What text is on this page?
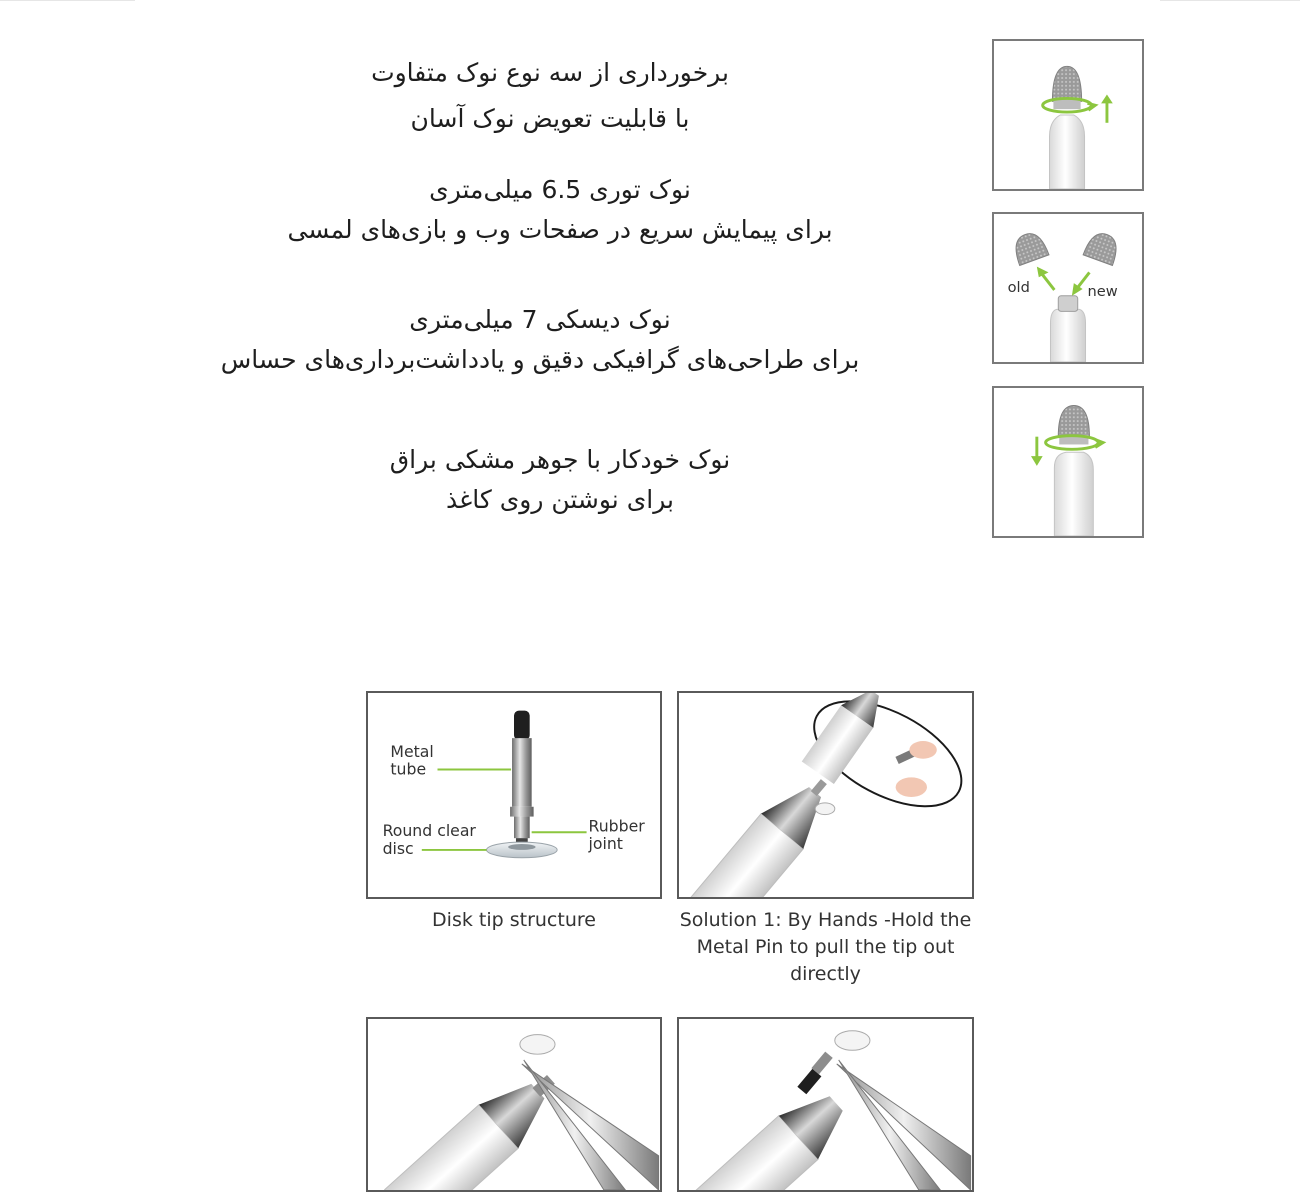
برخورداری از سه نوع نوک متفاوت
با قابلیت تعویض نوک آسان
نوک توری 6.5 میلی‌متری
برای پیمایش سریع در صفحات وب و بازی‌های لمسی
نوک دیسکی 7 میلی‌متری
برای طراحی‌های گرافیکی دقیق و یادداشت‌برداری‌های حساس
نوک خودکار با جوهر مشکی براق
برای نوشتن روی کاغذ
old	new
Metal
tube
Round clear
disc
Rubber
joint
Disk tip structure	Solution 1: By Hands -Hold the
Metal Pin to pull the tip out
directly
